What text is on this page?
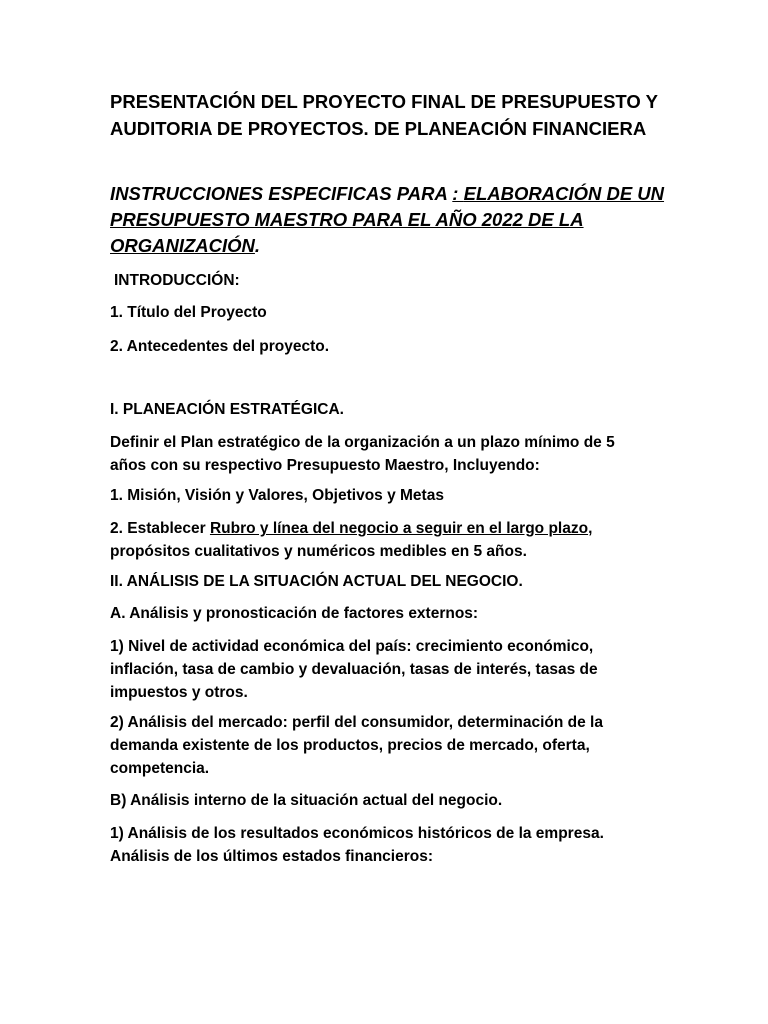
PRESENTACIÓN DEL PROYECTO FINAL DE PRESUPUESTO Y AUDITORIA DE PROYECTOS. DE PLANEACIÓN FINANCIERA

INSTRUCCIONES ESPECIFICAS PARA : ELABORACIÓN DE UN
PRESUPUESTO MAESTRO PARA EL AÑO 2022 DE LA
ORGANIZACIÓN.

INTRODUCCIÓN:

1. Título del Proyecto

2. Antecedentes del proyecto.

I. PLANEACIÓN ESTRATÉGICA.

Definir el Plan estratégico de la organización a un plazo mínimo de 5 años con su respectivo Presupuesto Maestro, Incluyendo:

1. Misión, Visión y Valores, Objetivos y Metas

2. Establecer Rubro y línea del negocio a seguir en el largo plazo, propósitos cualitativos y numéricos medibles en 5 años.

II. ANÁLISIS DE LA SITUACIÓN ACTUAL DEL NEGOCIO.

A. Análisis y pronosticación de factores externos:

1) Nivel de actividad económica del país: crecimiento económico, inflación, tasa de cambio y devaluación, tasas de interés, tasas de impuestos y otros.

2) Análisis del mercado: perfil del consumidor, determinación de la demanda existente de los productos, precios de mercado, oferta, competencia.

B) Análisis interno de la situación actual del negocio.

1) Análisis de los resultados económicos históricos de la empresa. Análisis de los últimos estados financieros:
